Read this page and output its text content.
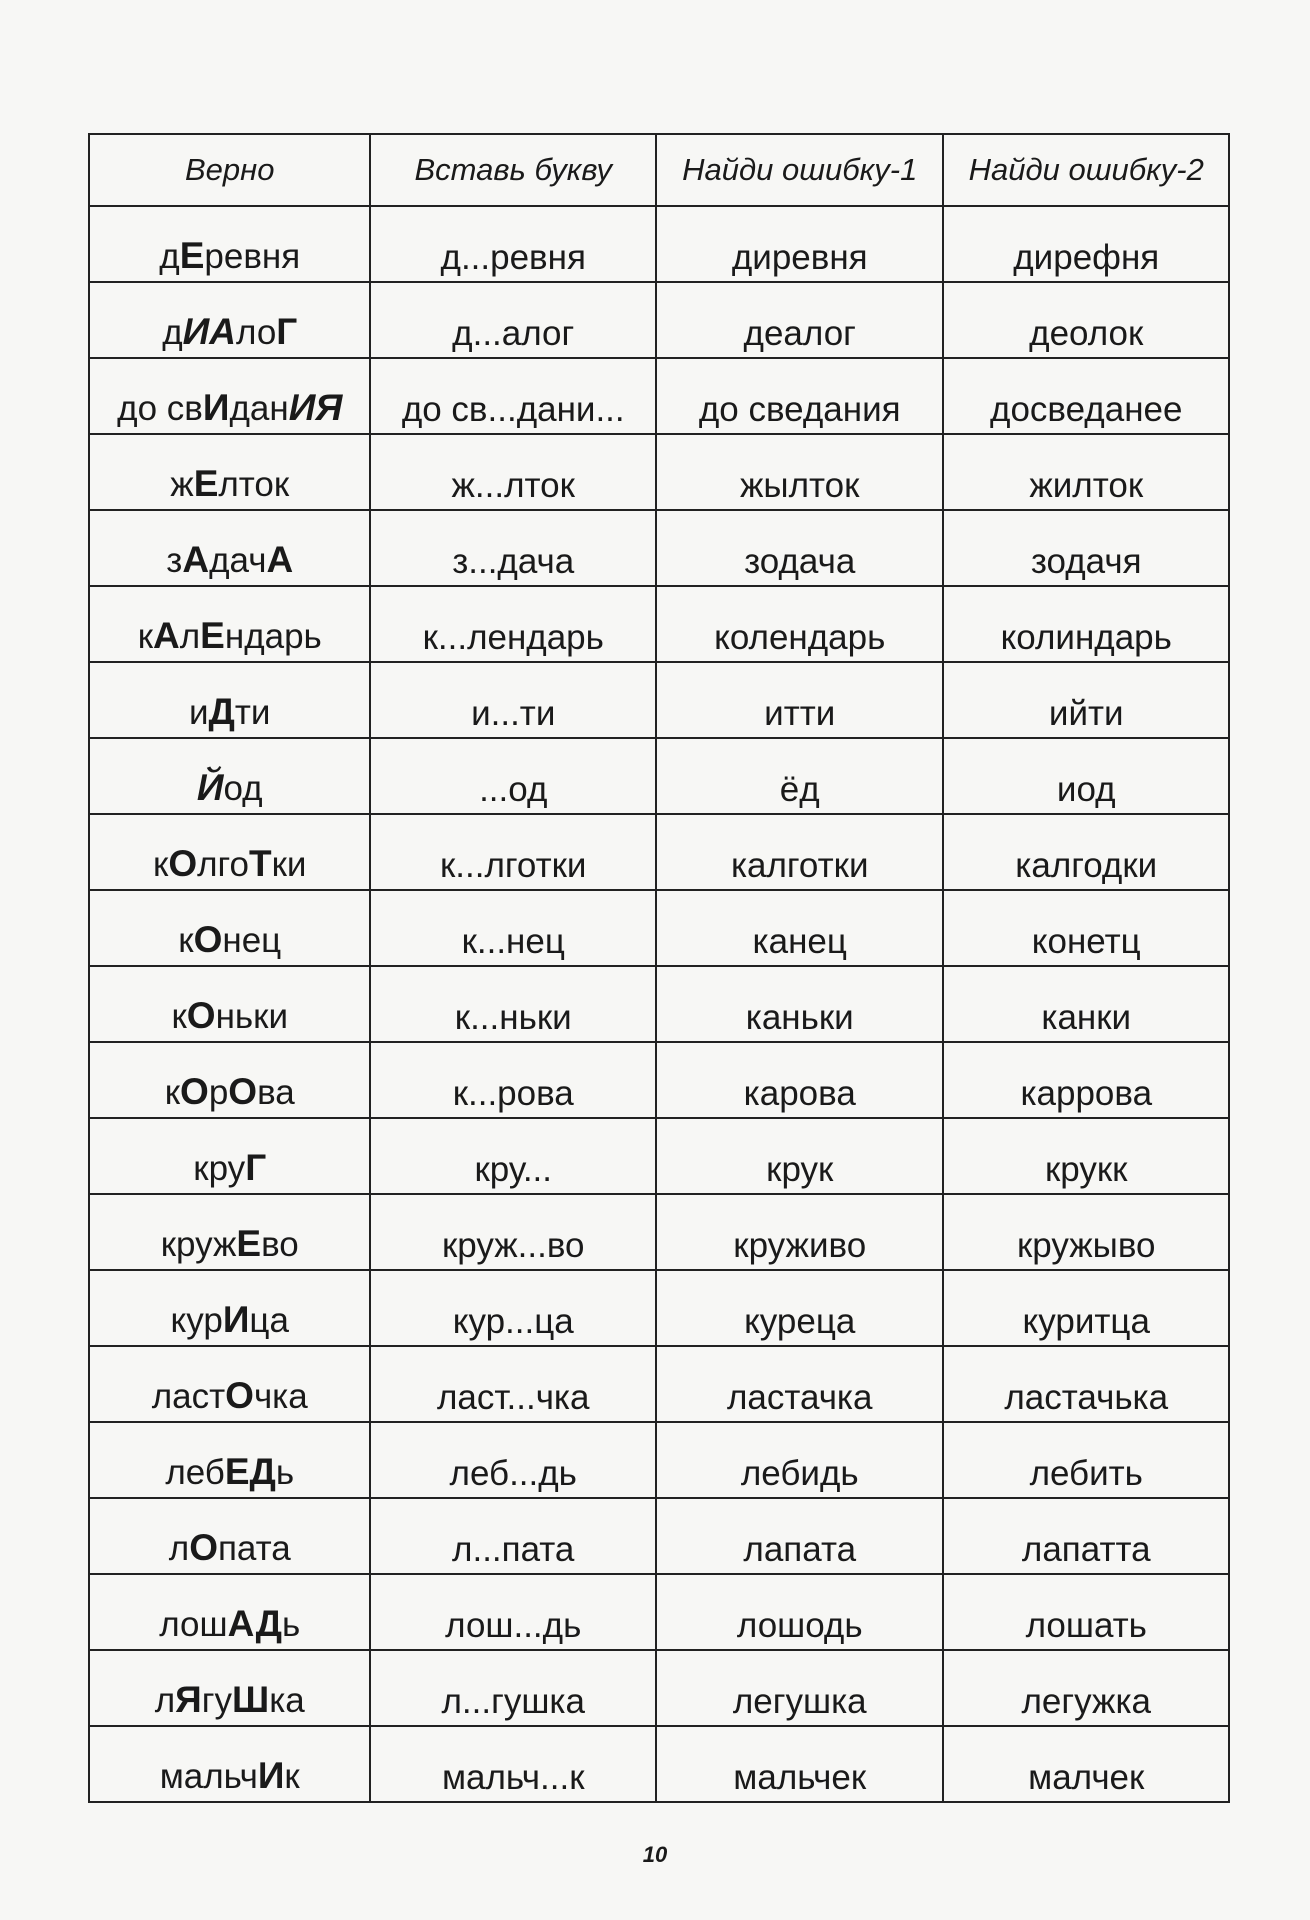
Верно	Вставь букву	Найди ошибку-1	Найди ошибку-2
дЕревня	д...ревня	диревня	дирефня
дИАлоГ	д...алог	деалог	деолок
до свИданИЯ	до св...дани...	до сведания	досведанее
жЕлток	ж...лток	жылток	жилток
зАдачА	з...дача	зодача	зодачя
кАлЕндарь	к...лендарь	колендарь	колиндарь
иДти	и...ти	итти	ийти
Йод	...од	ёд	иод
кОлгоТки	к...лготки	калготки	калгодки
кОнец	к...нец	канец	конетц
кОньки	к...ньки	каньки	канки
кОрОва	к...рова	карова	каррова
круГ	кру...	крук	крукк
кружЕво	круж...во	круживо	кружыво
курИца	кур...ца	куреца	куритца
ластОчка	ласт...чка	ластачка	ластачька
лебЕДь	леб...дь	лебидь	лебить
лОпата	л...пата	лапата	лапатта
лошАДь	лош...дь	лошодь	лошать
лЯгуШка	л...гушка	легушка	легужка
мальчИк	мальч...к	мальчек	малчек
10
